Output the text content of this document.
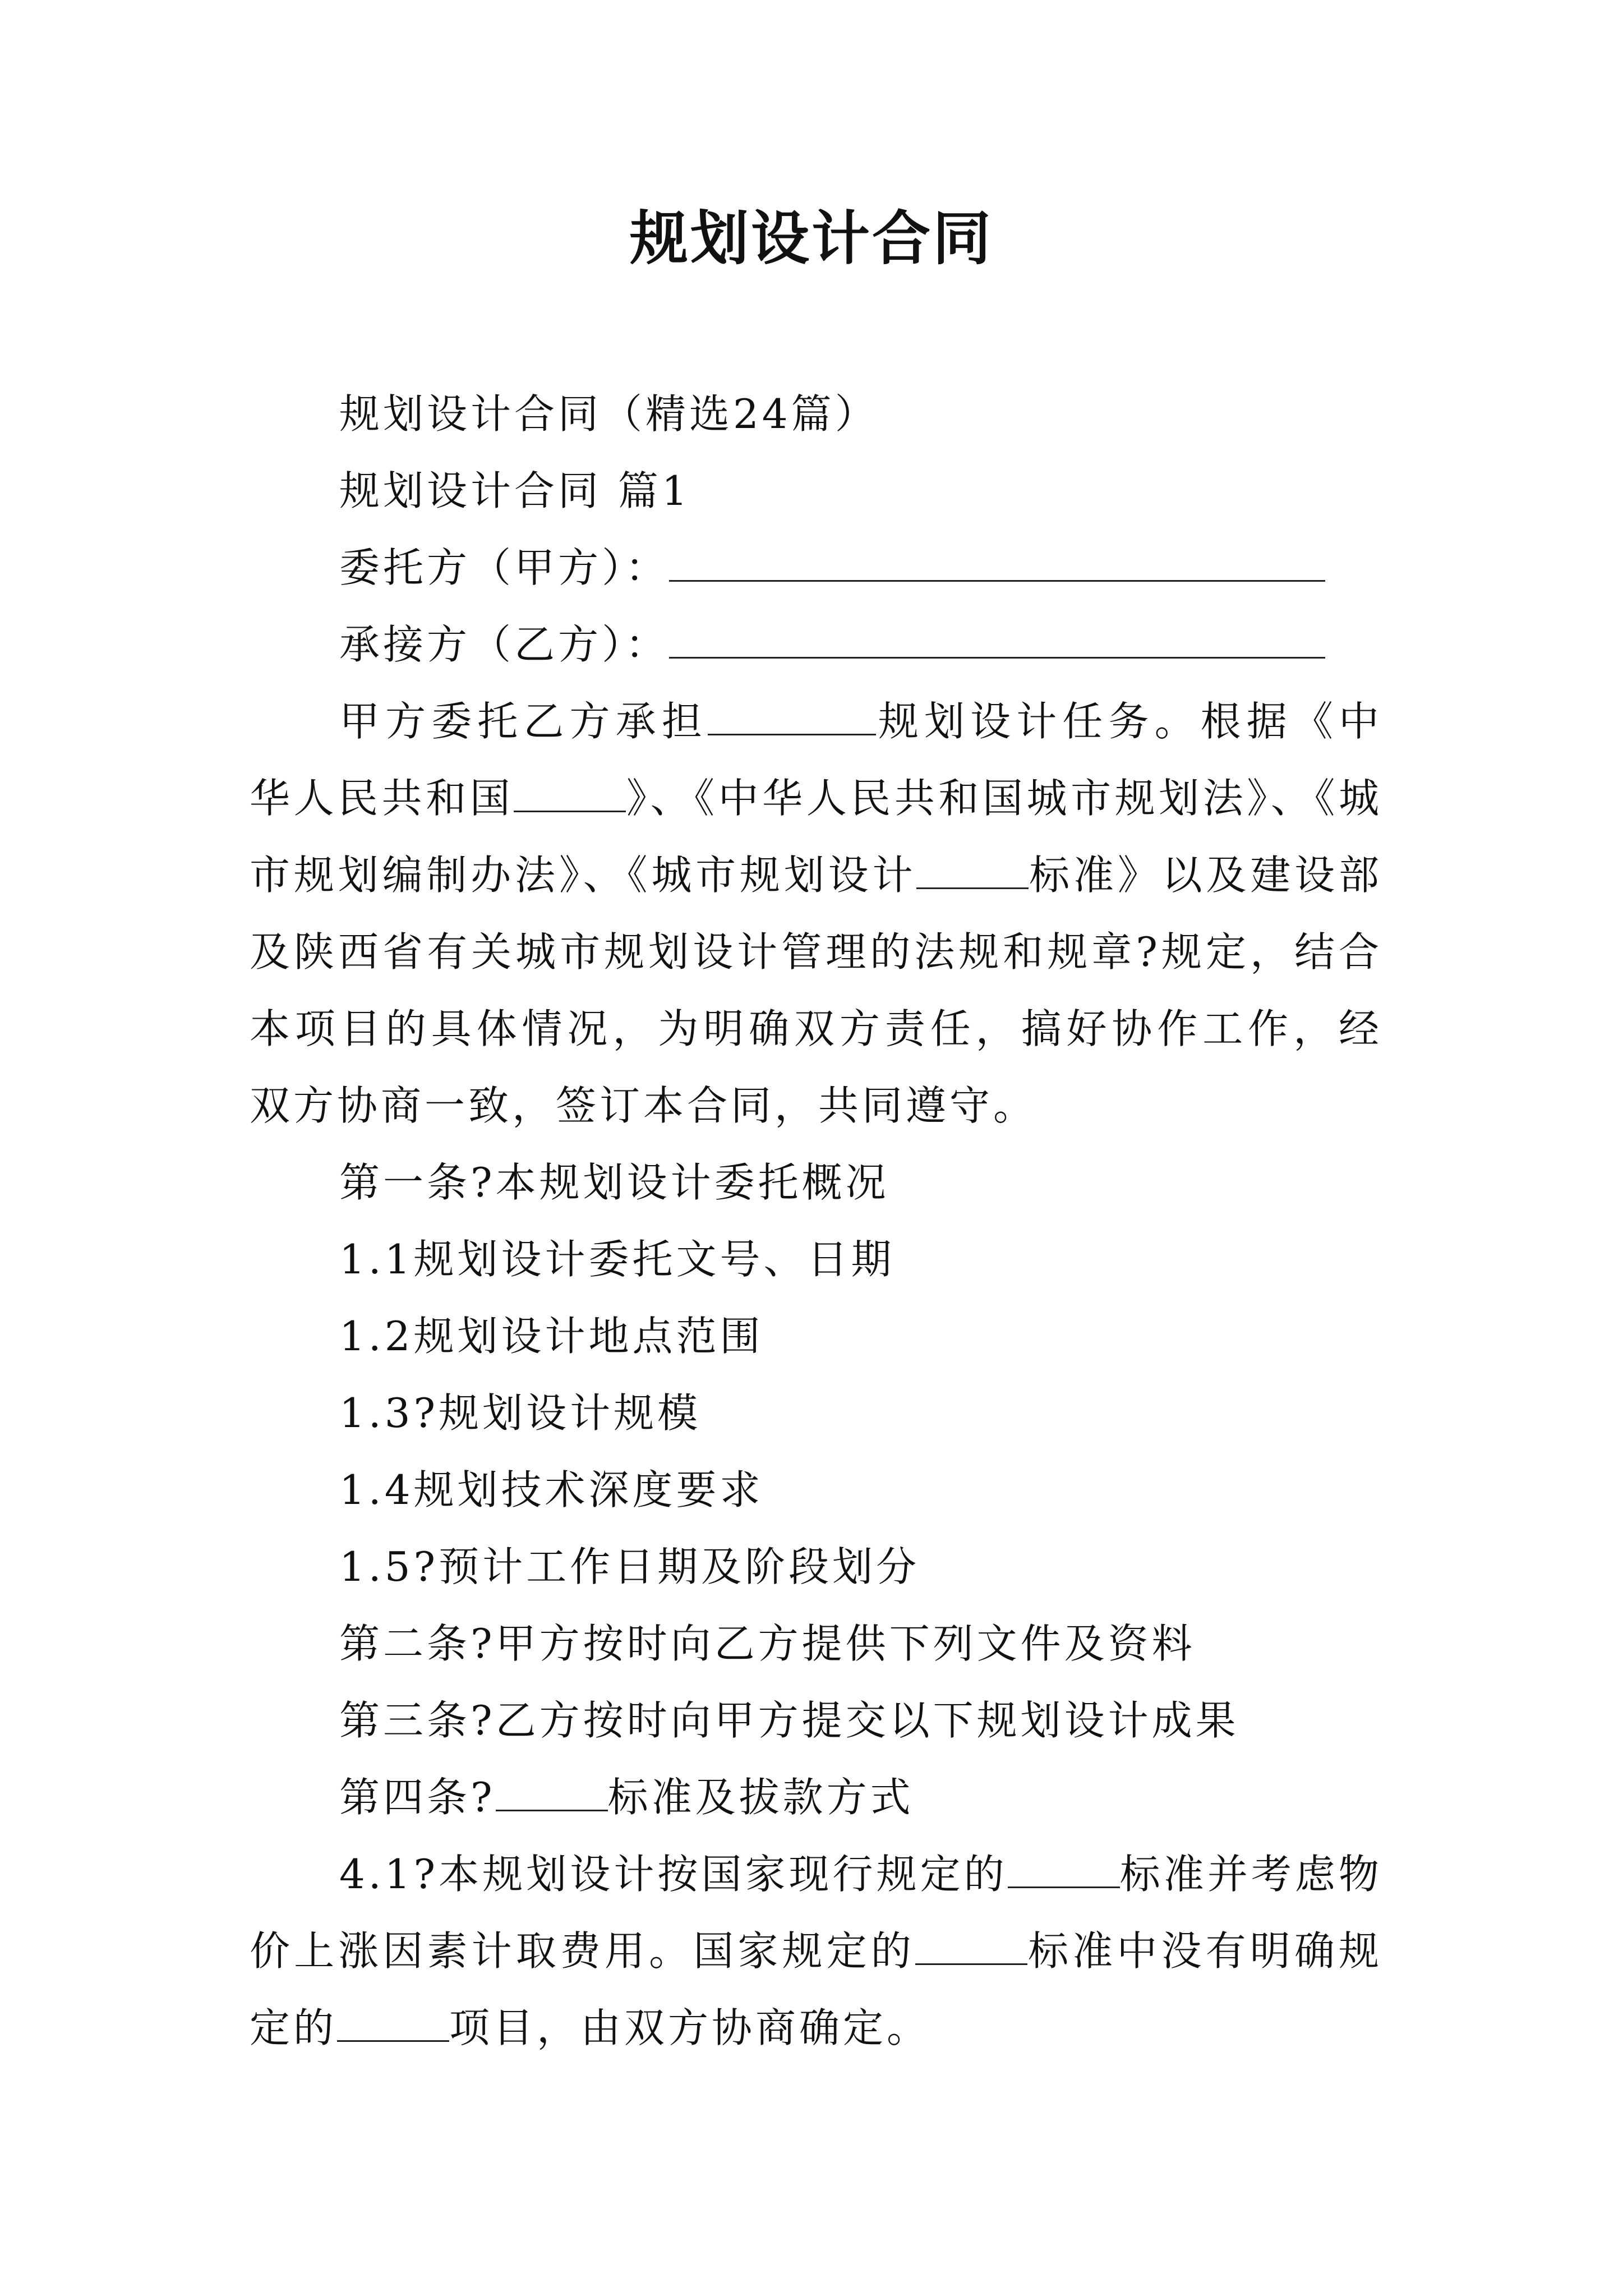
规划设计合同

规划设计合同（精选24篇）

规划设计合同 篇1

委托方（甲方）：

承接方（乙方）：

甲方委托乙方承担	规划设计任务。根据《中华人民共和国	》、《中华人民共和国城市规划法》、《城市规划编制办法》、《城市规划设计	标准》以及建设部及陕西省有关城市规划设计管理的法规和规章?规定，结合本项目的具体情况，为明确双方责任，搞好协作工作，经双方协商一致，签订本合同，共同遵守。

第一条?本规划设计委托概况

1.1规划设计委托文号、日期

1.2规划设计地点范围

1.3?规划设计规模

1.4规划技术深度要求

1.5?预计工作日期及阶段划分

第二条?甲方按时向乙方提供下列文件及资料

第三条?乙方按时向甲方提交以下规划设计成果

第四条?	标准及拔款方式

4.1?本规划设计按国家现行规定的	标准并考虑物价上涨因素计取费用。国家规定的	标准中没有明确规定的	项目，由双方协商确定。
